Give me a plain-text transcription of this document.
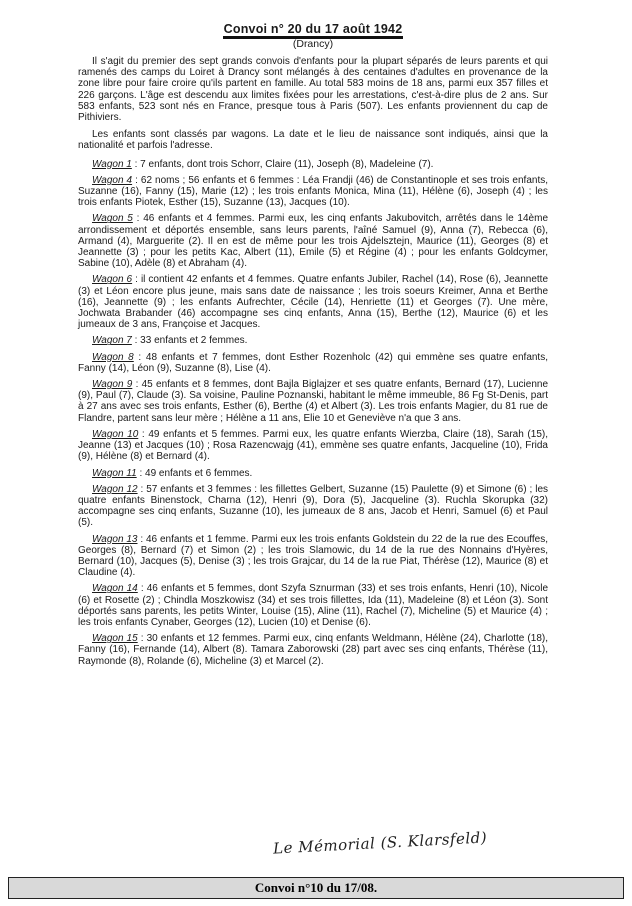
Convoi n° 20 du 17 août 1942
(Drancy)

Il s'agit du premier des sept grands convois d'enfants pour la plupart séparés de leurs parents et qui ramenés des camps du Loiret à Drancy sont mélangés à des centaines d'adultes en provenance de la zone libre pour faire croire qu'ils partent en famille. Au total 583 moins de 18 ans, parmi eux 357 filles et 226 garçons. L'âge est descendu aux limites fixées pour les arrestations, c'est-à-dire plus de 2 ans. Sur 583 enfants, 523 sont nés en France, presque tous à Paris (507). Les enfants proviennent du cap de Pithiviers.

Les enfants sont classés par wagons. La date et le lieu de naissance sont indiqués, ainsi que la nationalité et parfois l'adresse.

Wagon 1 : 7 enfants, dont trois Schorr, Claire (11), Joseph (8), Madeleine (7).

Wagon 4 : 62 noms ; 56 enfants et 6 femmes : Léa Frandji (46) de Constantinople et ses trois enfants, Suzanne (16), Fanny (15), Marie (12) ; les trois enfants Monica, Mina (11), Hélène (6), Joseph (4) ; les trois enfants Piotek, Esther (15), Suzanne (13), Jacques (10).

Wagon 5 : 46 enfants et 4 femmes. Parmi eux, les cinq enfants Jakubovitch, arrêtés dans le 14ème arrondissement et déportés ensemble, sans leurs parents, l'aîné Samuel (9), Anna (7), Rebecca (6), Armand (4), Marguerite (2). Il en est de même pour les trois Ajdelsztejn, Maurice (11), Georges (8) et Jeannette (3) ; pour les petits Kac, Albert (11), Emile (5) et Régine (4) ; pour les enfants Goldcymer, Sabine (10), Adèle (8) et Abraham (4).

Wagon 6 : il contient 42 enfants et 4 femmes. Quatre enfants Jubiler, Rachel (14), Rose (6), Jeannette (3) et Léon encore plus jeune, mais sans date de naissance ; les trois soeurs Kreimer, Anna et Berthe (16), Jeannette (9) ; les enfants Aufrechter, Cécile (14), Henriette (11) et Georges (7). Une mère, Jochwata Brabander (46) accompagne ses cinq enfants, Anna (15), Berthe (12), Maurice (6) et les jumeaux de 3 ans, Françoise et Jacques.

Wagon 7 : 33 enfants et 2 femmes.

Wagon 8 : 48 enfants et 7 femmes, dont Esther Rozenholc (42) qui emmène ses quatre enfants, Fanny (14), Léon (9), Suzanne (8), Lise (4).

Wagon 9 : 45 enfants et 8 femmes, dont Bajla Biglajzer et ses quatre enfants, Bernard (17), Lucienne (9), Paul (7), Claude (3). Sa voisine, Pauline Poznanski, habitant le même immeuble, 86 Fg St-Denis, part à 27 ans avec ses trois enfants, Esther (6), Berthe (4) et Albert (3). Les trois enfants Magier, du 81 rue de Flandre, partent sans leur mère ; Hélène a 11 ans, Elie 10 et Geneviève n'a que 3 ans.

Wagon 10 : 49 enfants et 5 femmes. Parmi eux, les quatre enfants Wierzba, Claire (18), Sarah (15), Jeanne (13) et Jacques (10) ; Rosa Razencwajg (41), emmène ses quatre enfants, Jacqueline (10), Frida (9), Hélène (8) et Bernard (4).

Wagon 11 : 49 enfants et 6 femmes.

Wagon 12 : 57 enfants et 3 femmes : les fillettes Gelbert, Suzanne (15) Paulette (9) et Simone (6) ; les quatre enfants Binenstock, Charna (12), Henri (9), Dora (5), Jacqueline (3). Ruchla Skorupka (32) accompagne ses cinq enfants, Suzanne (10), les jumeaux de 8 ans, Jacob et Henri, Samuel (6) et Paul (5).

Wagon 13 : 46 enfants et 1 femme. Parmi eux les trois enfants Goldstein du 22 de la rue des Ecouffes, Georges (8), Bernard (7) et Simon (2) ; les trois Slamowic, du 14 de la rue des Nonnains d'Hyères, Bernard (10), Jacques (5), Denise (3) ; les trois Grajcar, du 14 de la rue Piat, Thérèse (12), Maurice (8) et Claudine (4).

Wagon 14 : 46 enfants et 5 femmes, dont Szyfa Sznurman (33) et ses trois enfants, Henri (10), Nicole (6) et Rosette (2) ; Chindla Moszkowisz (34) et ses trois fillettes, Ida (11), Madeleine (8) et Léon (3). Sont déportés sans parents, les petits Winter, Louise (15), Aline (11), Rachel (7), Micheline (5) et Maurice (4) ; les trois enfants Cynaber, Georges (12), Lucien (10) et Denise (6).

Wagon 15 : 30 enfants et 12 femmes. Parmi eux, cinq enfants Weldmann, Hélène (24), Charlotte (18), Fanny (16), Fernande (14), Albert (8). Tamara Zaborowski (28) part avec ses cinq enfants, Thérèse (11), Raymonde (8), Rolande (6), Micheline (3) et Marcel (2).

Le Mémorial (S. Klarsfeld)
Convoi n°10 du 17/08.
